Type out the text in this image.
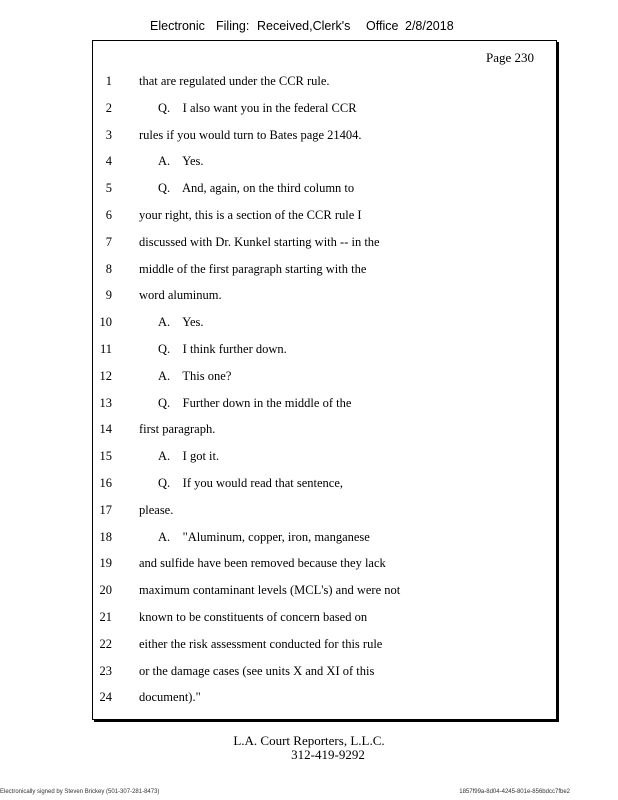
Electronic Filing: Received,Clerk's Office 2/8/2018
Page 230
1 that are regulated under the CCR rule.
2	Q.    I also want you in the federal CCR
3 rules if you would turn to Bates page 21404.
4	A.    Yes.
5	Q.    And, again, on the third column to
6 your right, this is a section of the CCR rule I
7 discussed with Dr. Kunkel starting with -- in the
8 middle of the first paragraph starting with the
9 word aluminum.
10	A.    Yes.
11	Q.    I think further down.
12	A.    This one?
13	Q.    Further down in the middle of the
14 first paragraph.
15	A.    I got it.
16	Q.    If you would read that sentence,
17 please.
18	A.    "Aluminum, copper, iron, manganese
19 and sulfide have been removed because they lack
20 maximum contaminant levels (MCL's) and were not
21 known to be constituents of concern based on
22 either the risk assessment conducted for this rule
23 or the damage cases (see units X and XI of this
24 document)."
L.A. Court Reporters, L.L.C.
312-419-9292
Electronically signed by Steven Brickey (501-307-281-8473)	1857f99a-8d04-4245-801e-856bdcc7fbe2
